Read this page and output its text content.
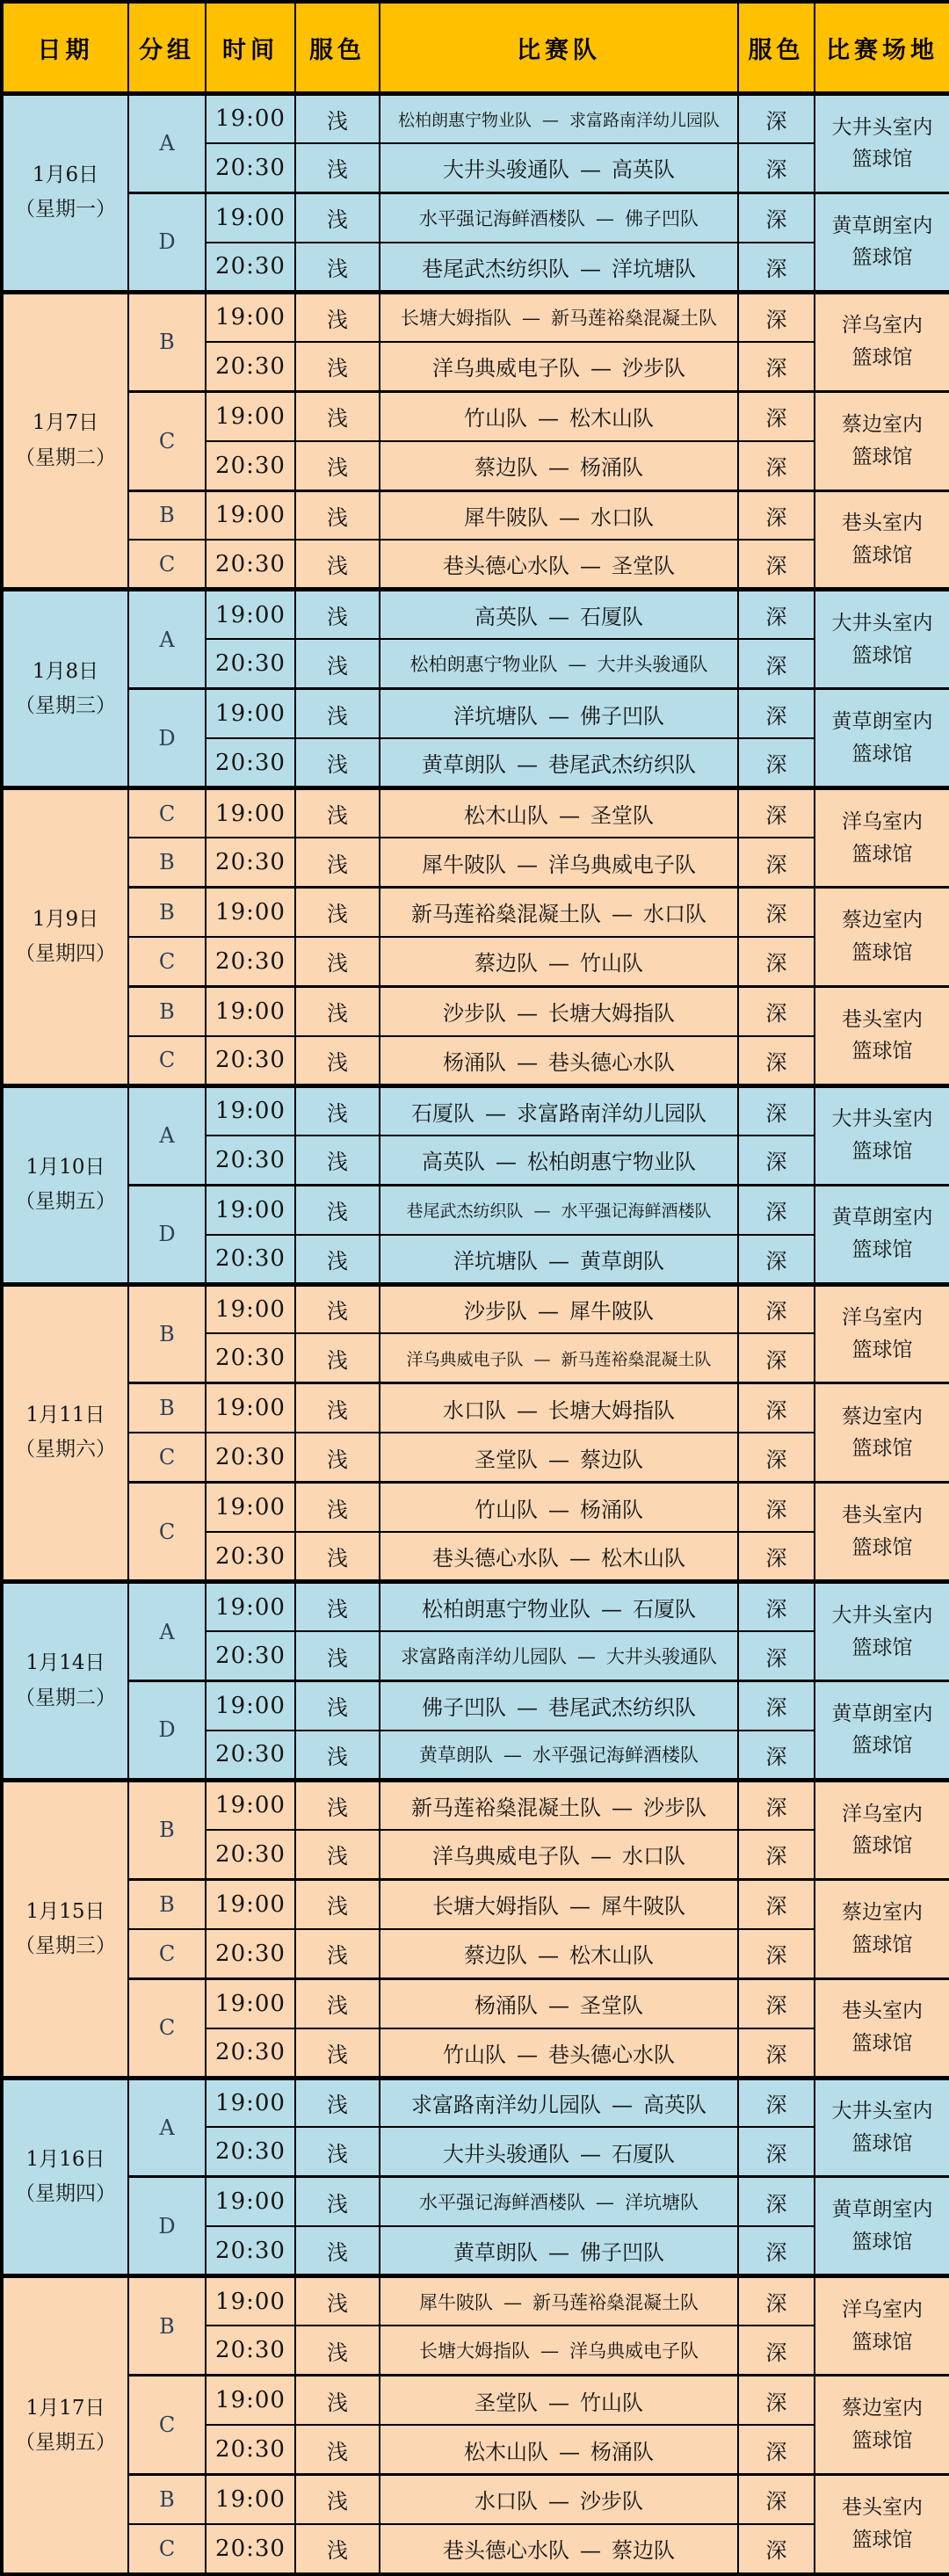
日期	分组	时间	服色	比赛队	服色	比赛场地

1月6日
（星期一）
	A	19:00	浅	松柏朗惠宁物业队 — 求富路南洋幼儿园队	深	大井头室内
篮球馆

		20:30	浅	大井头骏通队 — 高英队	深	
	D	19:00	浅	水平强记海鲜酒楼队 — 佛子凹队	深	黄草朗室内
篮球馆

		20:30	浅	巷尾武杰纺织队 — 洋坑塘队	深	

1月7日
（星期二）
	B	19:00	浅	长塘大姆指队 — 新马莲裕燊混凝土队	深	洋乌室内
篮球馆

		20:30	浅	洋乌典威电子队 — 沙步队	深	
	C	19:00	浅	竹山队 — 松木山队	深	蔡边室内
篮球馆

		20:30	浅	蔡边队 — 杨涌队	深	
	B	19:00	浅	犀牛陂队 — 水口队	深	巷头室内
篮球馆

	C	20:30	浅	巷头德心水队 — 圣堂队	深	

1月8日
（星期三）
	A	19:00	浅	高英队 — 石厦队	深	大井头室内
篮球馆

		20:30	浅	松柏朗惠宁物业队 — 大井头骏通队	深	
	D	19:00	浅	洋坑塘队 — 佛子凹队	深	黄草朗室内
篮球馆

		20:30	浅	黄草朗队 — 巷尾武杰纺织队	深	

1月9日
（星期四）
	C	19:00	浅	松木山队 — 圣堂队	深	洋乌室内
篮球馆

	B	20:30	浅	犀牛陂队 — 洋乌典威电子队	深	
	B	19:00	浅	新马莲裕燊混凝土队 — 水口队	深	蔡边室内
篮球馆

	C	20:30	浅	蔡边队 — 竹山队	深	
	B	19:00	浅	沙步队 — 长塘大姆指队	深	巷头室内
篮球馆

	C	20:30	浅	杨涌队 — 巷头德心水队	深	

1月10日
（星期五）
	A	19:00	浅	石厦队 — 求富路南洋幼儿园队	深	大井头室内
篮球馆

		20:30	浅	高英队 — 松柏朗惠宁物业队	深	
	D	19:00	浅	巷尾武杰纺织队 — 水平强记海鲜酒楼队	深	黄草朗室内
篮球馆

		20:30	浅	洋坑塘队 — 黄草朗队	深	

1月11日
（星期六）
	B	19:00	浅	沙步队 — 犀牛陂队	深	洋乌室内
篮球馆

		20:30	浅	洋乌典威电子队 — 新马莲裕燊混凝土队	深	
	B	19:00	浅	水口队 — 长塘大姆指队	深	蔡边室内
篮球馆

	C	20:30	浅	圣堂队 — 蔡边队	深	
	C	19:00	浅	竹山队 — 杨涌队	深	巷头室内
篮球馆

		20:30	浅	巷头德心水队 — 松木山队	深	

1月14日
（星期二）
	A	19:00	浅	松柏朗惠宁物业队 — 石厦队	深	大井头室内
篮球馆

		20:30	浅	求富路南洋幼儿园队 — 大井头骏通队	深	
	D	19:00	浅	佛子凹队 — 巷尾武杰纺织队	深	黄草朗室内
篮球馆

		20:30	浅	黄草朗队 — 水平强记海鲜酒楼队	深	

1月15日
（星期三）
	B	19:00	浅	新马莲裕燊混凝土队 — 沙步队	深	洋乌室内
篮球馆

		20:30	浅	洋乌典威电子队 — 水口队	深	
	B	19:00	浅	长塘大姆指队 — 犀牛陂队	深	蔡边室内
篮球馆

	C	20:30	浅	蔡边队 — 松木山队	深	
	C	19:00	浅	杨涌队 — 圣堂队	深	巷头室内
篮球馆

		20:30	浅	竹山队 — 巷头德心水队	深	

1月16日
（星期四）
	A	19:00	浅	求富路南洋幼儿园队 — 高英队	深	大井头室内
篮球馆

		20:30	浅	大井头骏通队 — 石厦队	深	
	D	19:00	浅	水平强记海鲜酒楼队 — 洋坑塘队	深	黄草朗室内
篮球馆

		20:30	浅	黄草朗队 — 佛子凹队	深	

1月17日
（星期五）
	B	19:00	浅	犀牛陂队 — 新马莲裕燊混凝土队	深	洋乌室内
篮球馆

		20:30	浅	长塘大姆指队 — 洋乌典威电子队	深	
	C	19:00	浅	圣堂队 — 竹山队	深	蔡边室内
篮球馆

		20:30	浅	松木山队 — 杨涌队	深	
	B	19:00	浅	水口队 — 沙步队	深	巷头室内
篮球馆

	C	20:30	浅	巷头德心水队 — 蔡边队	深	
